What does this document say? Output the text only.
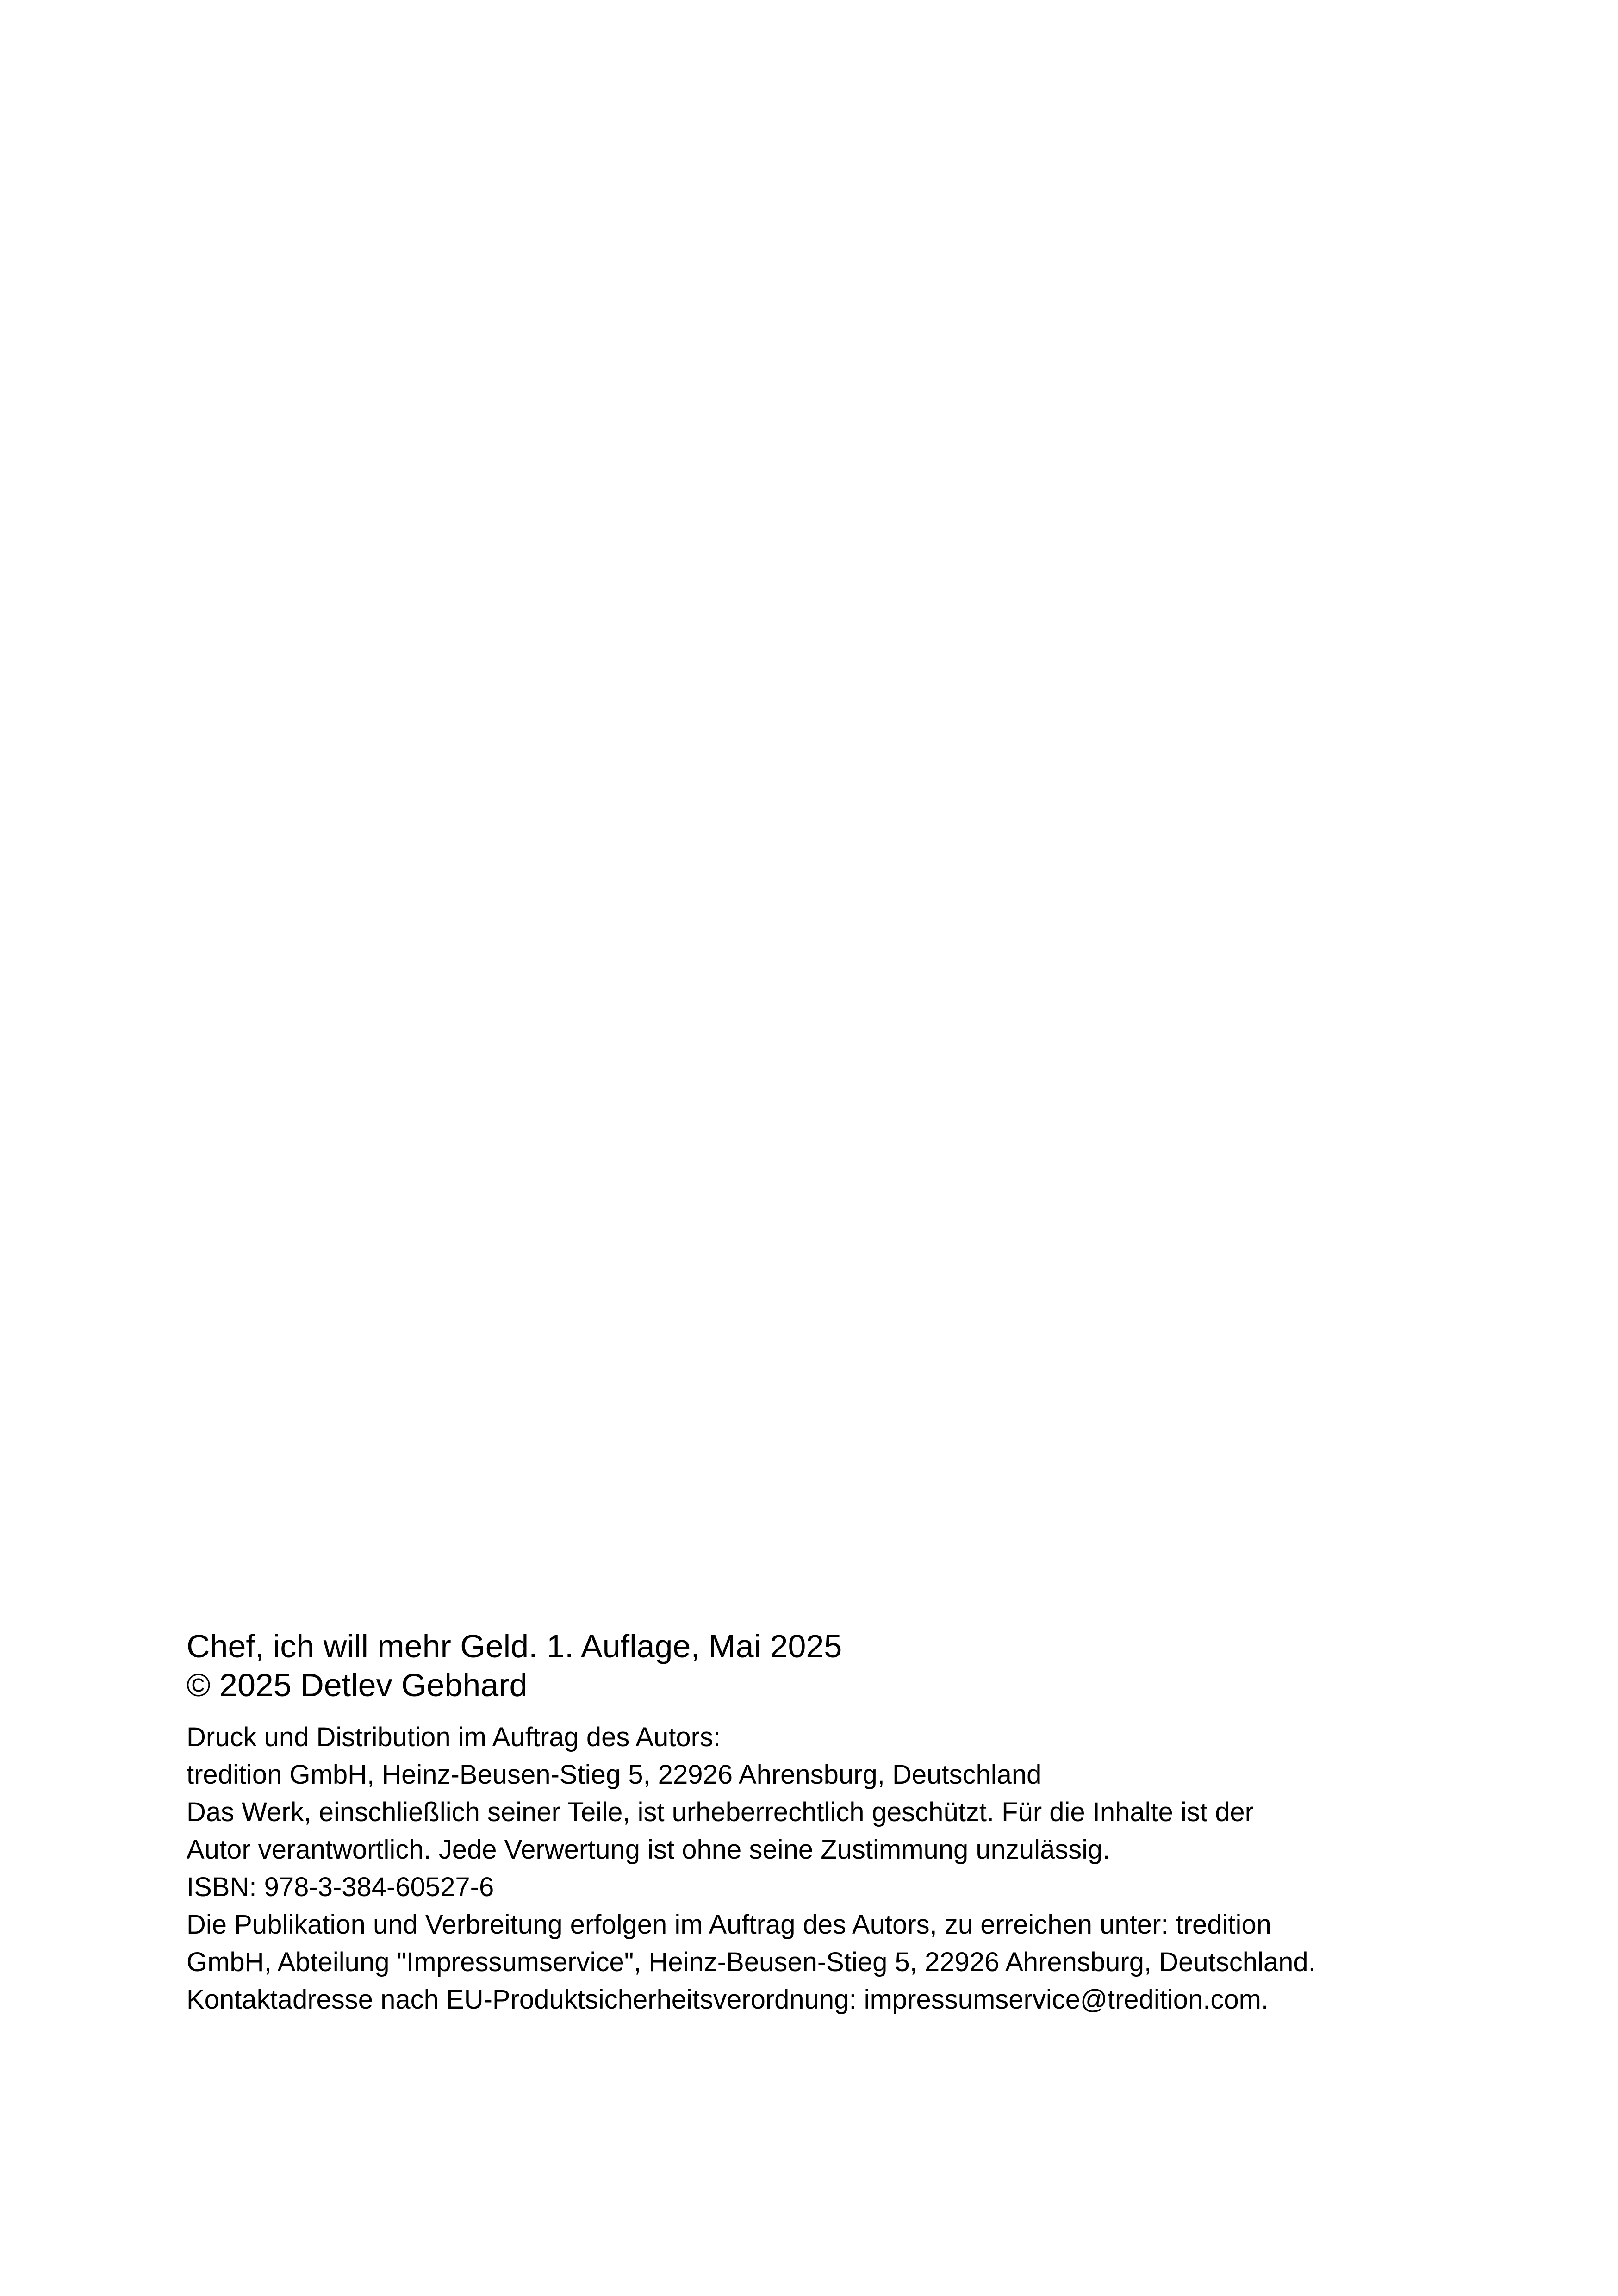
Chef, ich will mehr Geld. 1. Auflage, Mai 2025

© 2025 Detlev Gebhard

Druck und Distribution im Auftrag des Autors:

tredition GmbH, Heinz-Beusen-Stieg 5, 22926 Ahrensburg, Deutschland

Das Werk, einschließlich seiner Teile, ist urheberrechtlich geschützt. Für die Inhalte ist der

Autor verantwortlich. Jede Verwertung ist ohne seine Zustimmung unzulässig.

ISBN: 978-3-384-60527-6

Die Publikation und Verbreitung erfolgen im Auftrag des Autors, zu erreichen unter: tredition

GmbH, Abteilung "Impressumservice", Heinz-Beusen-Stieg 5, 22926 Ahrensburg, Deutschland.

Kontaktadresse nach EU-Produktsicherheitsverordnung: impressumservice@tredition.com.
